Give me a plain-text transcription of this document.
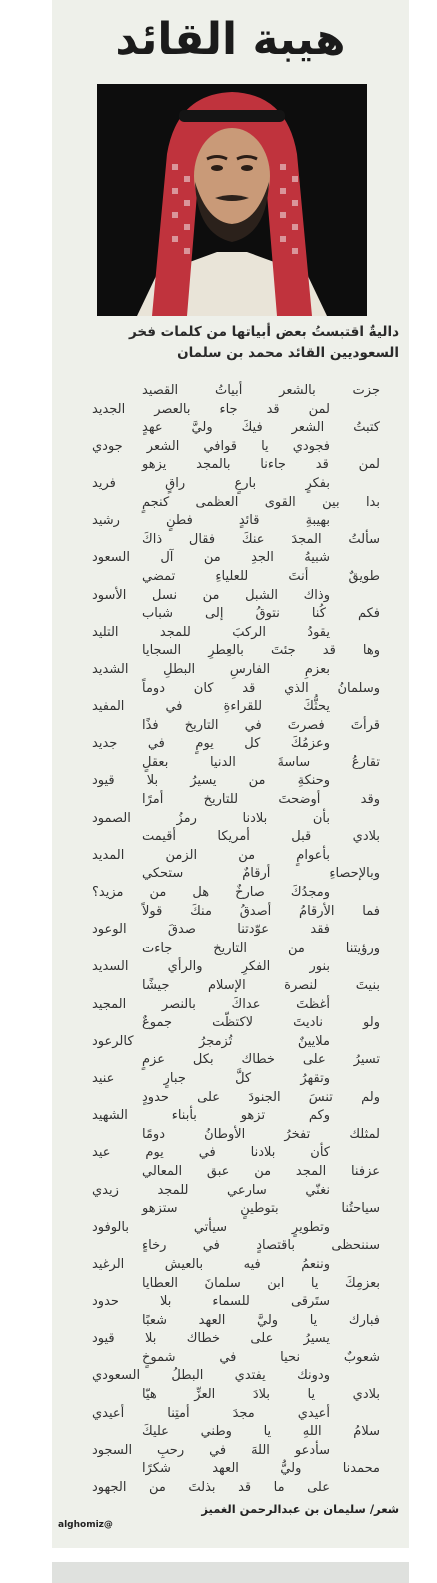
هيبة القائد
داليةٌ اقتبستُ بعض أبياتها من كلمات فخر السعوديين القائد محمد بن سلمان
جزت بالشعر أبياتُ القصيد
لمن قد جاء بالعصر الجديد
كتبتُ الشعر فيكَ وليَّ عهدٍ
فجودي يا قوافي الشعر جودي
لمن قد جاءنا بالمجد يزهو
بفكرٍ بارعٍ راقٍ فريد
بدا بين القوى العظمى كنجمٍ
بهيبةِ قائدٍ فطنٍ رشيد
سألتُ المجدَ عنكَ فقال ذاكَ
شبيهُ الجدِ من آل السعود
طويقٌ أنتَ للعلياءِ تمضي
وذاك الشبل من نسل الأسود
فكم كُنا نتوقُ إلى شباب
يقودُ الركبَ للمجد التليد
وها قد جئتَ بالعِطرِ السجايا
بعزمِ الفارسِ البطلِ الشديد
وسلمانُ الذي قد كان دوماً
يحثُّكَ للقراءةِ في المفيد
قرأتَ فصرتَ في التاريخ فذًا
وعزمُكَ كل يومٍ في جديد
تقارعُ ساسةَ الدنيا بعقلٍ
وحنكةِ من يسيرُ بلا قيود
وقد أوضحتَ للتاريخ أمرًا
بأن بلادنا رمزُ الصمود
بلادي قبل أمريكا أقيمت
بأعوامٍ من الزمن المديد
وبالإحصاءِ أرقامٌ ستحكي
ومجدُكَ صارخٌ هل من مزيد؟
فما الأرقامُ أصدقُ منكَ قولاً
فقد عوّدتنا صدقَ الوعود
ورؤيتنا من التاريخ جاءت
بنور الفكرِ والرأي السديد
بنيتَ لنصرة الإسلام جيشًا
أغظتَ عداكَ بالنصر المجيد
ولو ناديتَ لاكتظّت جموعٌ
ملايينٌ تُزمجرُ كالرعود
تسيرُ على خطاك بكل عزمٍ
وتقهرُ كلَّ جبارٍ عنيد
ولم تنسَ الجنودَ على حدودٍ
وكم تزهو بأبناء الشهيد
لمثلك تفخرُ الأوطانُ دومًا
كأن بلادنا في يوم عيد
عزفنا المجد من عبق المعالي
نغنّي سارعي للمجد زيدي
سياحتُنا بتوطينٍ ستزهو
وتطويرٍ سيأتي بالوفود
سننحظى باقتصادٍ في رخاءٍ
وننعمُ فيه بالعيش الرغيد
بعزمِكَ يا ابن سلمانَ العطايا
ستَرقى للسماء بلا حدود
فبارك يا وليَّ العهد شعبًا
يسيرُ على خطاك بلا قيود
شعوبٌ نحيا في شموخٍ
ودونك يفتدي البطلُ السعودي
بلادي يا بلادَ العزِّ هيّا
أعيدي مجدَ أمتِنا أعيدي
سلامُ اللهِ يا وطني عليكَ
سأدعو اللهَ في رحبِ السجود
محمدنا وليُّ العهد شكرًا
على ما قد بذلتَ من الجهود
شعر/ سليمان بن عبدالرحمن الغميز
alghomiz@
